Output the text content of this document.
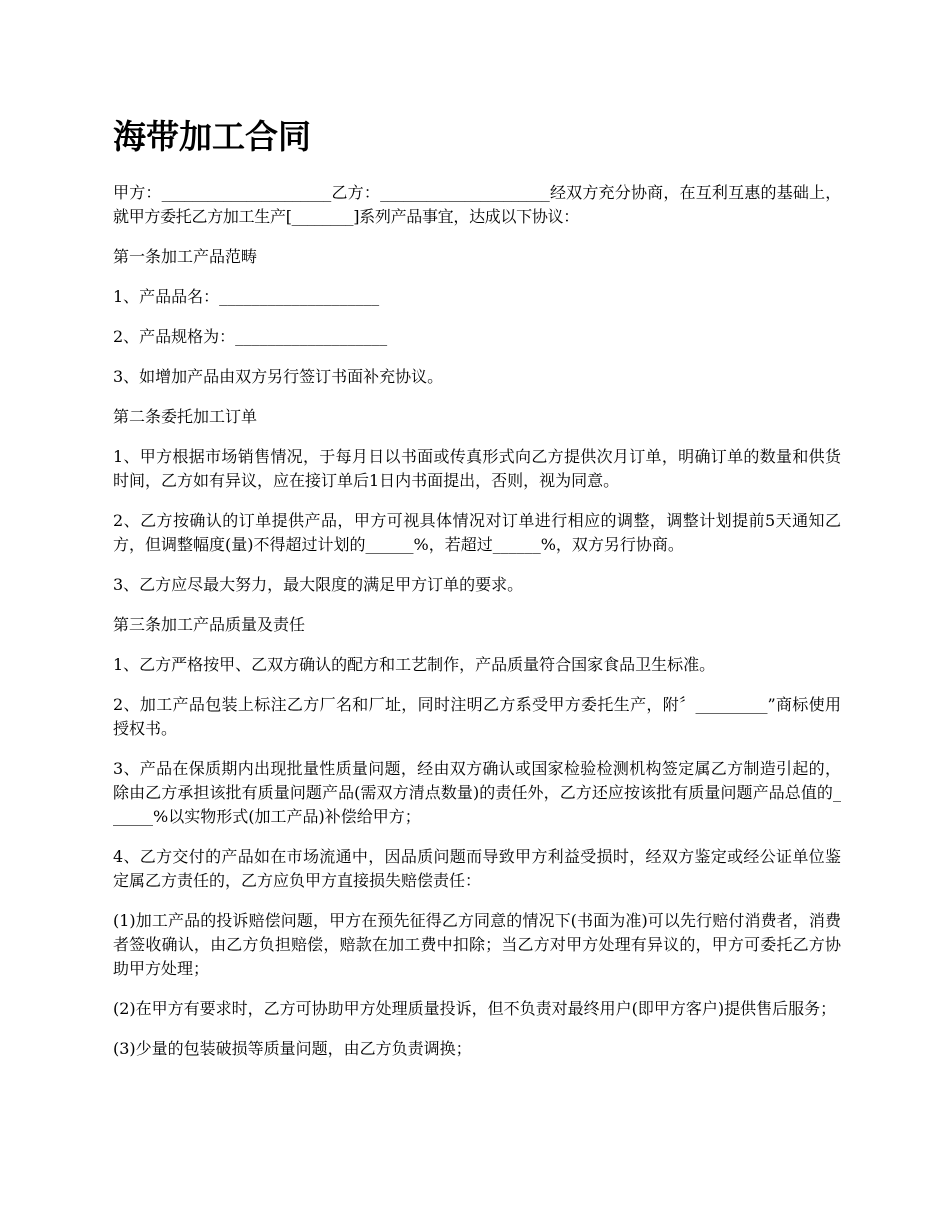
海带加工合同

甲方：______________________乙方：______________________经双方充分协商，在互利互惠的基础上，就甲方委托乙方加工生产[________]系列产品事宜，达成以下协议：

第一条加工产品范畴

1、产品品名：____________________

2、产品规格为：___________________

3、如增加产品由双方另行签订书面补充协议。

第二条委托加工订单

1、甲方根据市场销售情况，于每月日以书面或传真形式向乙方提供次月订单，明确订单的数量和供货时间，乙方如有异议，应在接订单后1日内书面提出，否则，视为同意。

2、乙方按确认的订单提供产品，甲方可视具体情况对订单进行相应的调整，调整计划提前5天通知乙方，但调整幅度(量)不得超过计划的______%，若超过______%，双方另行协商。

3、乙方应尽最大努力，最大限度的满足甲方订单的要求。

第三条加工产品质量及责任

1、乙方严格按甲、乙双方确认的配方和工艺制作，产品质量符合国家食品卫生标准。

2、加工产品包装上标注乙方厂名和厂址，同时注明乙方系受甲方委托生产，附〞_________”商标使用授权书。

3、产品在保质期内出现批量性质量问题，经由双方确认或国家检验检测机构签定属乙方制造引起的，除由乙方承担该批有质量问题产品(需双方清点数量)的责任外，乙方还应按该批有质量问题产品总值的______%以实物形式(加工产品)补偿给甲方；

4、乙方交付的产品如在市场流通中，因品质问题而导致甲方利益受损时，经双方鉴定或经公证单位鉴定属乙方责任的，乙方应负甲方直接损失赔偿责任：

(1)加工产品的投诉赔偿问题，甲方在预先征得乙方同意的情况下(书面为准)可以先行赔付消费者，消费者签收确认，由乙方负担赔偿，赔款在加工费中扣除；当乙方对甲方处理有异议的，甲方可委托乙方协助甲方处理；

(2)在甲方有要求时，乙方可协助甲方处理质量投诉，但不负责对最终用户(即甲方客户)提供售后服务；

(3)少量的包装破损等质量问题，由乙方负责调换；
